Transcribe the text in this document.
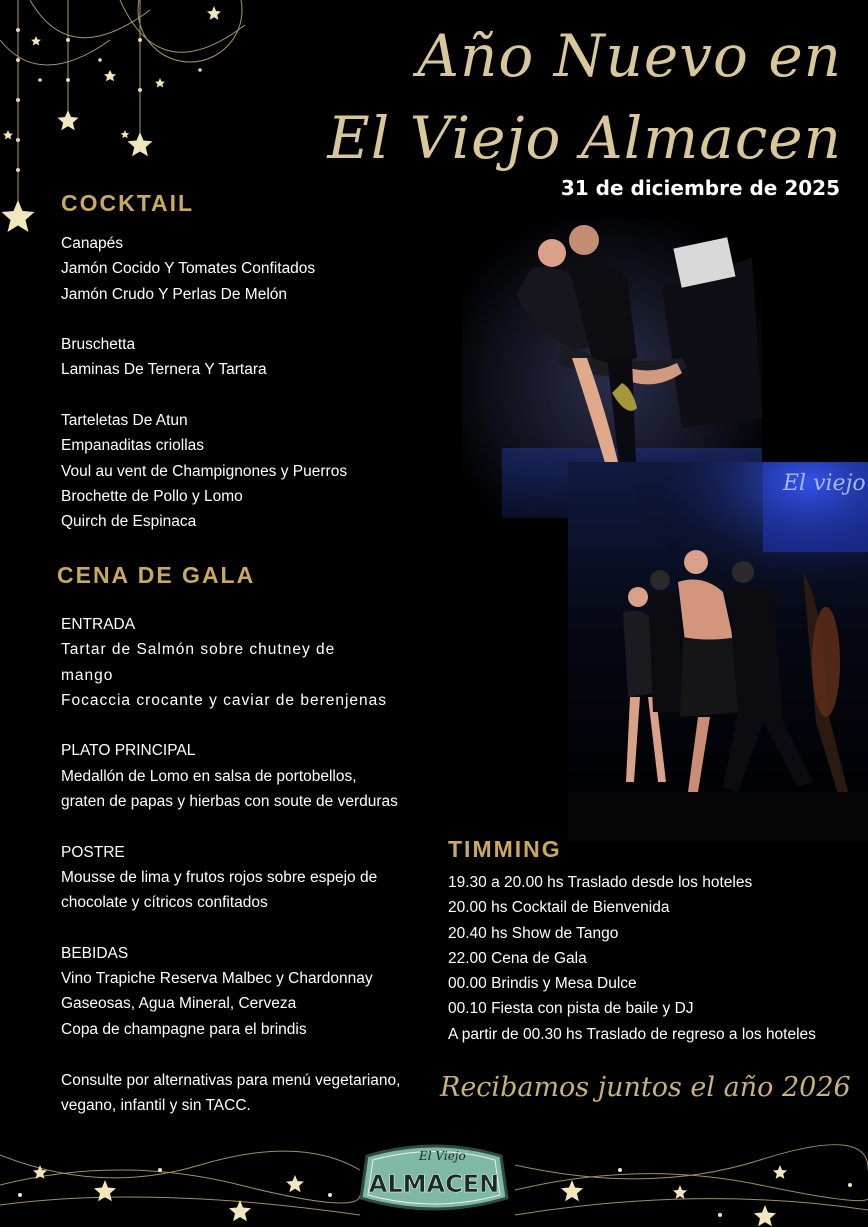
Año Nuevo en
El Viejo Almacen
31 de diciembre de 2025
COCKTAIL
Canapés
Jamón Cocido Y Tomates Confitados
Jamón Crudo Y Perlas De Melón
Bruschetta
Laminas De Ternera Y Tartara
Tarteletas De Atun
Empanaditas criollas
Voul au vent de Champignones y Puerros
Brochette de Pollo y Lomo
Quirch de Espinaca
CENA DE GALA
ENTRADA
Tartar de Salmón sobre chutney de
mango
Focaccia crocante y caviar de berenjenas
PLATO PRINCIPAL
Medallón de Lomo en salsa de portobellos,
graten de papas y hierbas con soute de verduras
POSTRE
Mousse de lima y frutos rojos sobre espejo de
chocolate y cítricos confitados
BEBIDAS
Vino Trapiche Reserva Malbec y Chardonnay
Gaseosas, Agua Mineral, Cerveza
Copa de champagne para el brindis
Consulte por alternativas para menú vegetariano,
vegano, infantil y sin TACC.
El viejo
TIMMING
19.30 a 20.00 hs Traslado desde los hoteles
20.00 hs Cocktail de Bienvenida
20.40 hs Show de Tango
22.00 Cena de Gala
00.00 Brindis y Mesa Dulce
00.10 Fiesta con pista de baile y DJ
A partir de 00.30 hs Traslado de regreso a los hoteles
Recibamos juntos el año 2026
El Viejo
ALMACEN
